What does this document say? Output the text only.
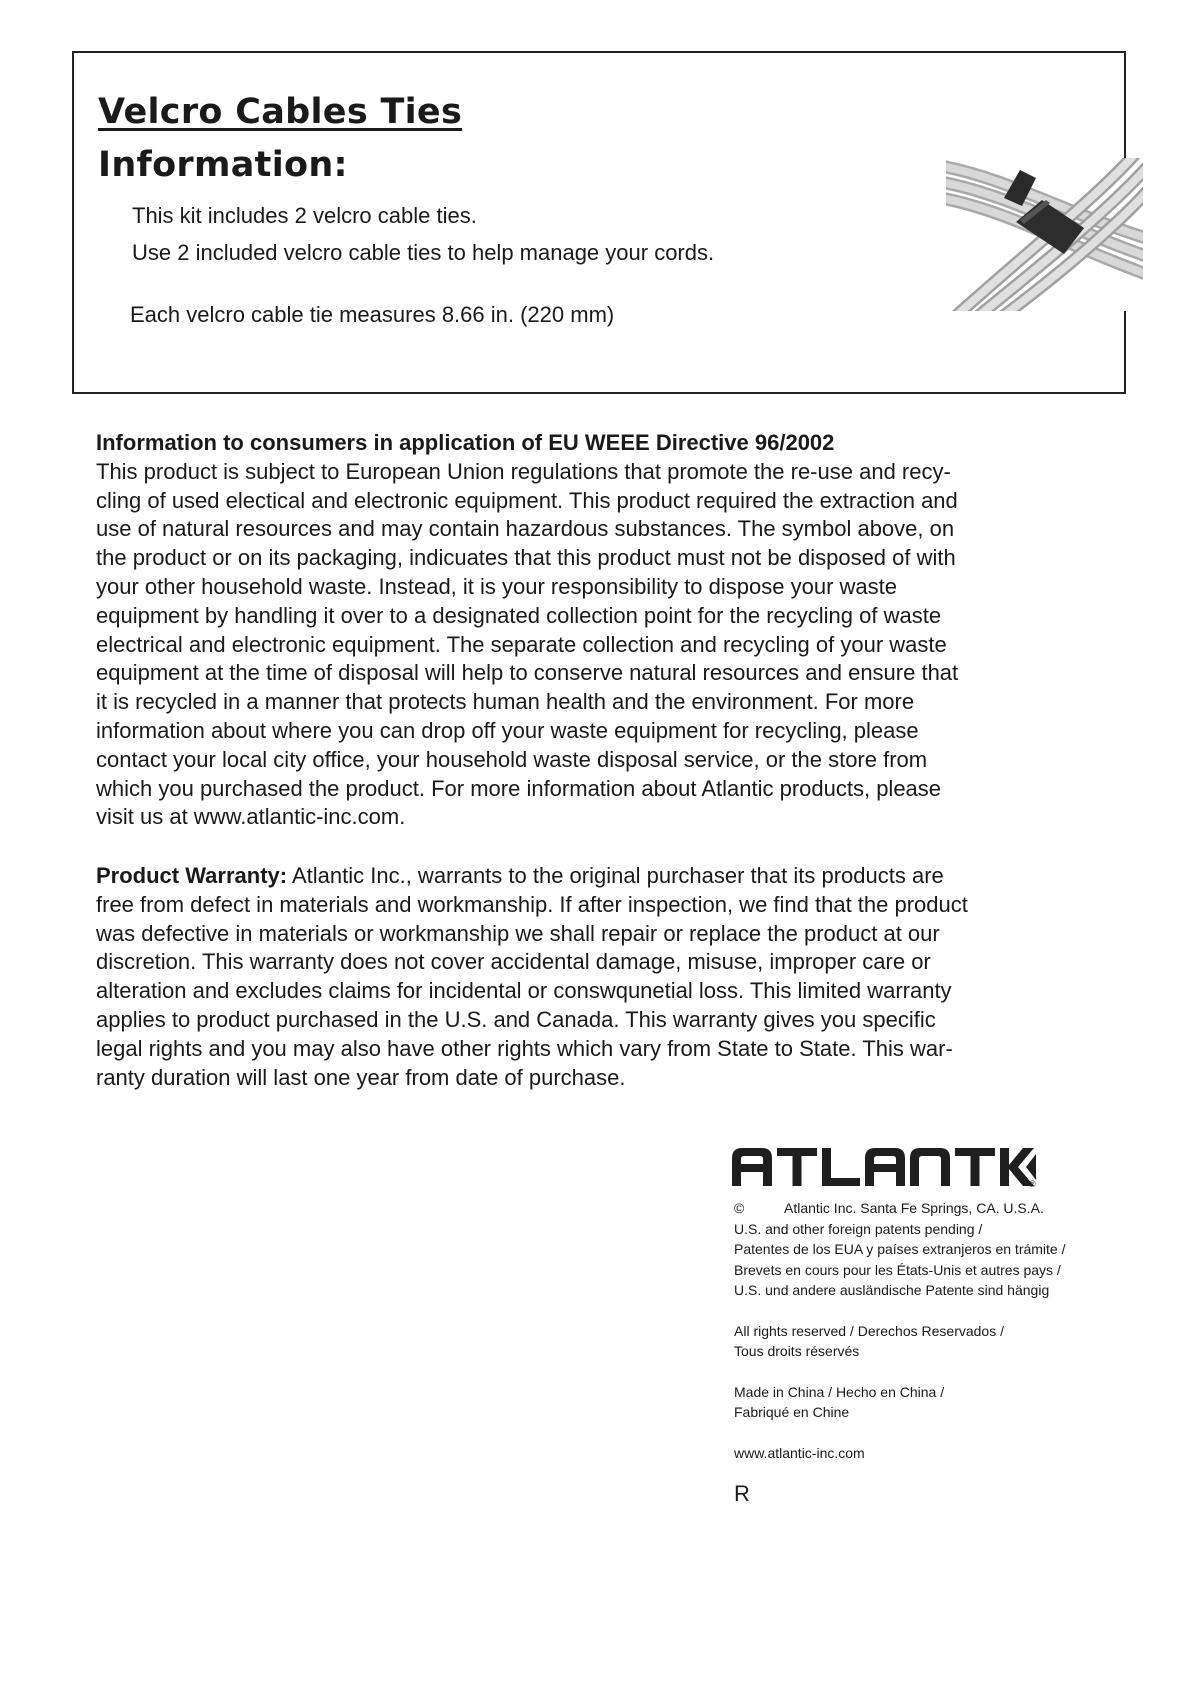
Velcro Cables Ties
Information:

This kit includes 2 velcro cable ties.

Use 2 included velcro cable ties to help manage your cords.

Each velcro cable tie measures 8.66 in. (220 mm)

Information to consumers in application of EU WEEE Directive 96/2002
This product is subject to European Union regulations that promote the re-use and recy-
cling of used electical and electronic equipment. This product required the extraction and
use of natural resources and may contain hazardous substances. The symbol above, on
the product or on its packaging, indicuates that this product must not be disposed of with
your other household waste. Instead, it is your responsibility to dispose your waste
equipment by handling it over to a designated collection point for the recycling of waste
electrical and electronic equipment. The separate collection and recycling of your waste
equipment at the time of disposal will help to conserve natural resources and ensure that
it is recycled in a manner that protects human health and the environment. For more
information about where you can drop off your waste equipment for recycling, please
contact your local city office, your household waste disposal service, or the store from
which you purchased the product. For more information about Atlantic products, please
visit us at www.atlantic-inc.com.
Product Warranty: Atlantic Inc., warrants to the original purchaser that its products are
free from defect in materials and workmanship. If after inspection, we find that the product
was defective in materials or workmanship we shall repair or replace the product at our
discretion. This warranty does not cover accidental damage, misuse, improper care or
alteration and excludes claims for incidental or conswqunetial loss. This limited warranty
applies to product purchased in the U.S. and Canada. This warranty gives you specific
legal rights and you may also have other rights which vary from State to State. This war-
ranty duration will last one year from date of purchase.
®

©	Atlantic Inc. Santa Fe Springs, CA. U.S.A.

U.S. and other foreign patents pending /

Patentes de los EUA y países extranjeros en trámite /

Brevets en cours pour les États-Unis et autres pays /

U.S. und andere ausländische Patente sind hängig

All rights reserved / Derechos Reservados /

Tous droits réservés

Made in China / Hecho en China /

Fabriqué en Chine

www.atlantic-inc.com

R
